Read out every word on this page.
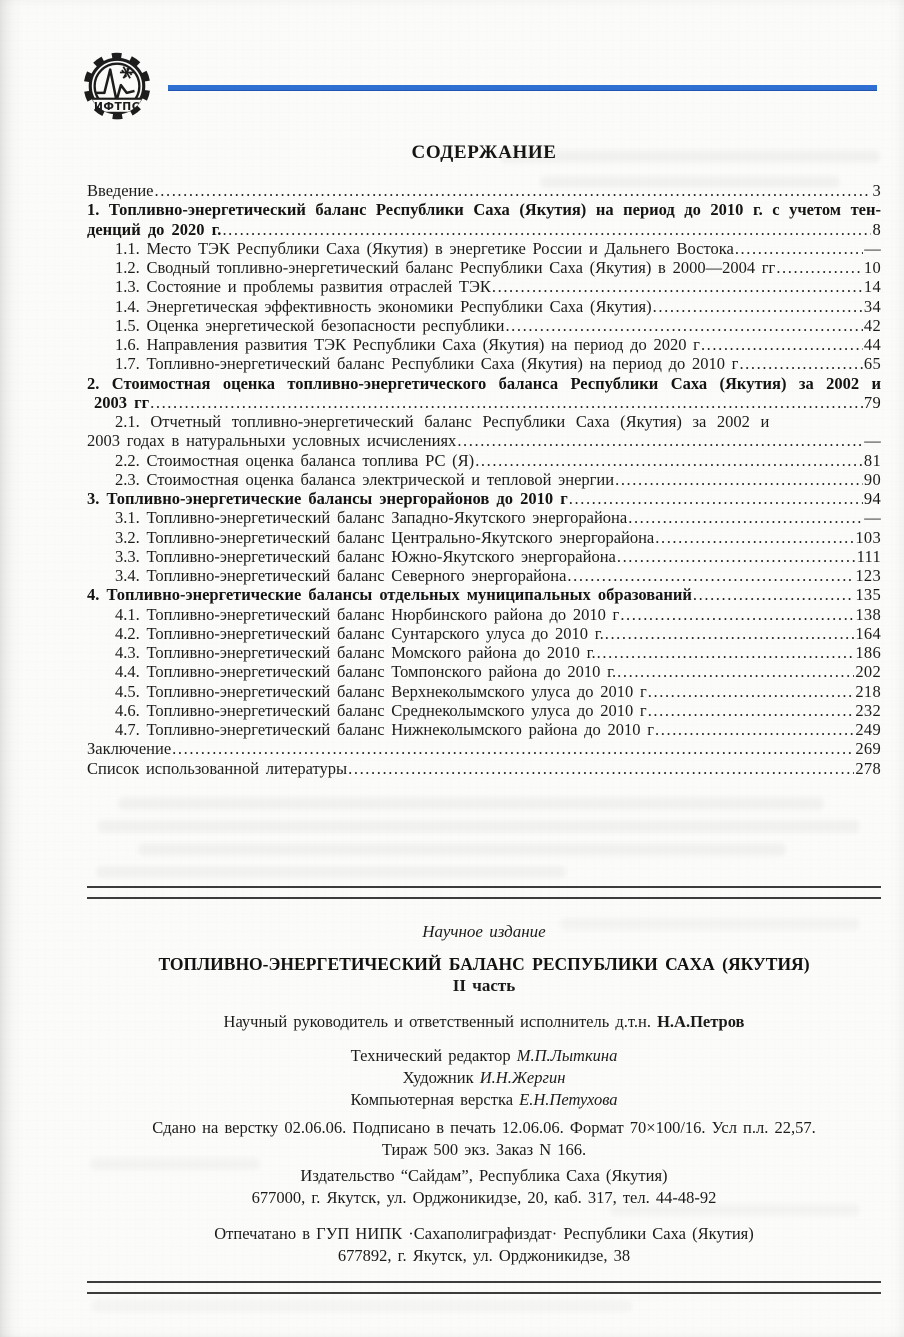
ИФТПС
СОДЕРЖАНИЕ
Введение .....	3
1. Топливно-энергетический баланс Республики Саха (Якутия) на период до 2010 г. с учетом тен-
денций до 2020 г. .....	8
1.1. Место ТЭК Республики Саха (Якутия) в энергетике России и Дальнего Востока .....	—
1.2. Сводный топливно-энергетический баланс Республики Саха (Якутия) в 2000—2004 гг .....	10
1.3. Состояние и проблемы развития отраслей ТЭК .....	14
1.4. Энергетическая эффективность экономики Республики Саха (Якутия) .....	34
1.5. Оценка энергетической безопасности республики .....	42
1.6. Направления развития ТЭК Республики Саха (Якутия) на период до 2020 г .....	44
1.7. Топливно-энергетический баланс Республики Саха (Якутия) на период до 2010 г .....	65
2. Стоимостная оценка топливно-энергетического баланса Республики Саха (Якутия) за 2002 и
2003 гг .....	79
2.1. Отчетный топливно-энергетический баланс Республики Саха (Якутия) за 2002 и
2003 годах в натуральныхи условных исчислениях .....	—
2.2. Стоимостная оценка баланса топлива РС (Я) .....	81
2.3. Стоимостная оценка баланса электрической и тепловой энергии .....	90
3. Топливно-энергетические балансы энергорайонов до 2010 г .....	94
3.1. Топливно-энергетический баланс Западно-Якутского энергорайона .....	—
3.2. Топливно-энергетический баланс Центрально-Якутского энергорайона .....	103
3.3. Топливно-энергетический баланс Южно-Якутского энергорайона .....	111
3.4. Топливно-энергетический баланс Северного энергорайона .....	123
4. Топливно-энергетические балансы отдельных муниципальных образований .....	135
4.1. Топливно-энергетический баланс Нюрбинского района до 2010 г .....	138
4.2. Топливно-энергетический баланс Сунтарского улуса до 2010 г. .....	164
4.3. Топливно-энергетический баланс Момского района до 2010 г. .....	186
4.4. Топливно-энергетический баланс Томпонского района до 2010 г. .....	202
4.5. Топливно-энергетический баланс Верхнеколымского улуса до 2010 г .....	218
4.6. Топливно-энергетический баланс Среднеколымского улуса до 2010 г .....	232
4.7. Топливно-энергетический баланс Нижнеколымского района до 2010 г .....	249
Заключение .....	269
Список использованной литературы .....	278

Научное издание

ТОПЛИВНО-ЭНЕРГЕТИЧЕСКИЙ БАЛАНС РЕСПУБЛИКИ САХА (ЯКУТИЯ)

II часть

Научный руководитель и ответственный исполнитель д.т.н. Н.А.Петров

Технический редактор М.П.Лыткина

Художник И.Н.Жергин

Компьютерная верстка Е.Н.Петухова

Сдано на верстку 02.06.06. Подписано в печать 12.06.06. Формат 70×100/16. Усл п.л. 22,57.

Тираж 500 экз. Заказ N 166.

Издательство “Сайдам”, Республика Саха (Якутия)

677000, г. Якутск, ул. Орджоникидзе, 20, каб. 317, тел. 44-48-92

Отпечатано в ГУП НИПК ·Сахаполиграфиздат· Республики Саха (Якутия)

677892, г. Якутск, ул. Орджоникидзе, 38
